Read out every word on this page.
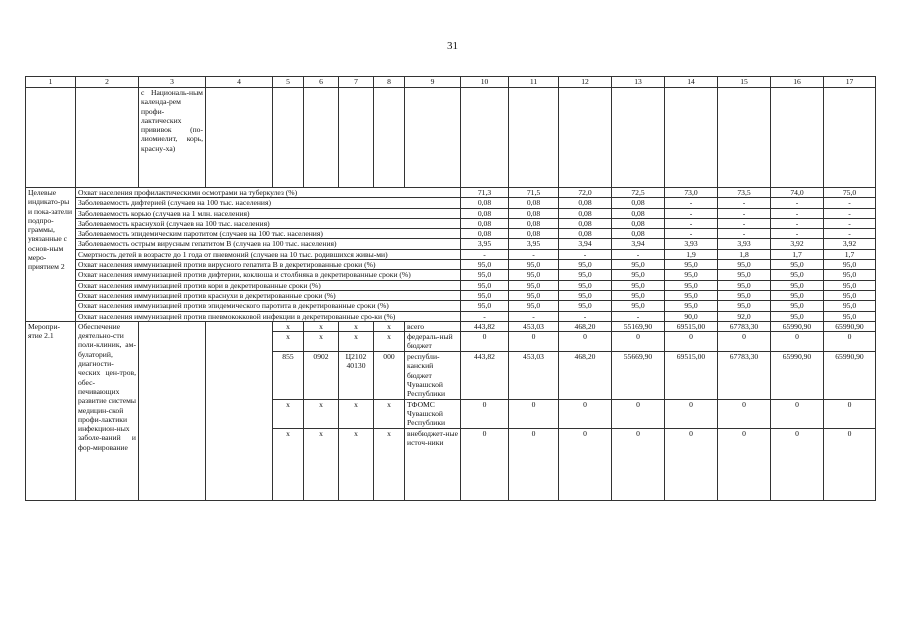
31
1	2	3	4	5	6	7	8	9	10	11	12	13	14	15	16	17
		с Националь-ным календа-рем профи-лактических прививок (по-лиомиелит, корь, красну-ха)														
Целевые индикато-ры и пока-затели подпро-граммы, увязанные с основ-ным меро-приятием 2	Охват населения профилактическими осмотрами на туберкулез (%)								71,3	71,5	72,0	72,5	73,0	73,5	74,0	75,0
	Заболеваемость дифтерией (случаев на 100 тыс. населения)								0,08	0,08	0,08	0,08	-	-	-	-
	Заболеваемость корью (случаев на 1 млн. населения)								0,08	0,08	0,08	0,08	-	-	-	-
	Заболеваемость краснухой (случаев на 100 тыс. населения)								0,08	0,08	0,08	0,08	-	-	-	-
	Заболеваемость эпидемическим паротитом (случаев на 100 тыс. населения)								0,08	0,08	0,08	0,08	-	-	-	-
	Заболеваемость острым вирусным гепатитом В (случаев на 100 тыс. населения)								3,95	3,95	3,94	3,94	3,93	3,93	3,92	3,92
	Смертность детей в возрасте до 1 года от пневмоний (случаев на 10 тыс. родившихся живы-ми)								-	-	-	-	1,9	1,8	1,7	1,7
	Охват населения иммунизацией против вирусного гепатита В в декретированные сроки (%)								95,0	95,0	95,0	95,0	95,0	95,0	95,0	95,0
	Охват населения иммунизацией против дифтерии, коклюша и столбняка в декретированные сроки (%)								95,0	95,0	95,0	95,0	95,0	95,0	95,0	95,0
	Охват населения иммунизацией против кори в декретированные сроки (%)								95,0	95,0	95,0	95,0	95,0	95,0	95,0	95,0
	Охват населения иммунизацией против краснухи в декретированные сроки (%)								95,0	95,0	95,0	95,0	95,0	95,0	95,0	95,0
	Охват населения иммунизацией против эпидемического паротита в декретированные сроки (%)								95,0	95,0	95,0	95,0	95,0	95,0	95,0	95,0
	Охват населения иммунизацией против пневмококковой инфекции в декретированные сро-ки (%)								-	-	-	-	90,0	92,0	95,0	95,0
Меропри-ятие 2.1	Обеспечение деятельно-сти поли-клиник, ам-булаторий, диагности-ческих цен-тров, обес-печивающих развитие системы медицин-ской профи-лактики инфекцион-ных заболе-ваний и фор-мирование			х	х	х	х	всего	443,82	453,03	468,20	55169,90	69515,00	67783,30	65990,90	65990,90
				х	х	х	х	федераль-ный бюджет	0	0	0	0	0	0	0	0
				855	0902	Ц2102 40130	000	республи-канский бюджет Чувашской Республики	443,82	453,03	468,20	55669,90	69515,00	67783,30	65990,90	65990,90
				х	х	х	х	ТФОМС Чувашской Республики	0	0	0	0	0	0	0	0
				х	х	х	х	внебюджет-ные источ-ники	0	0	0	0	0	0	0	0
